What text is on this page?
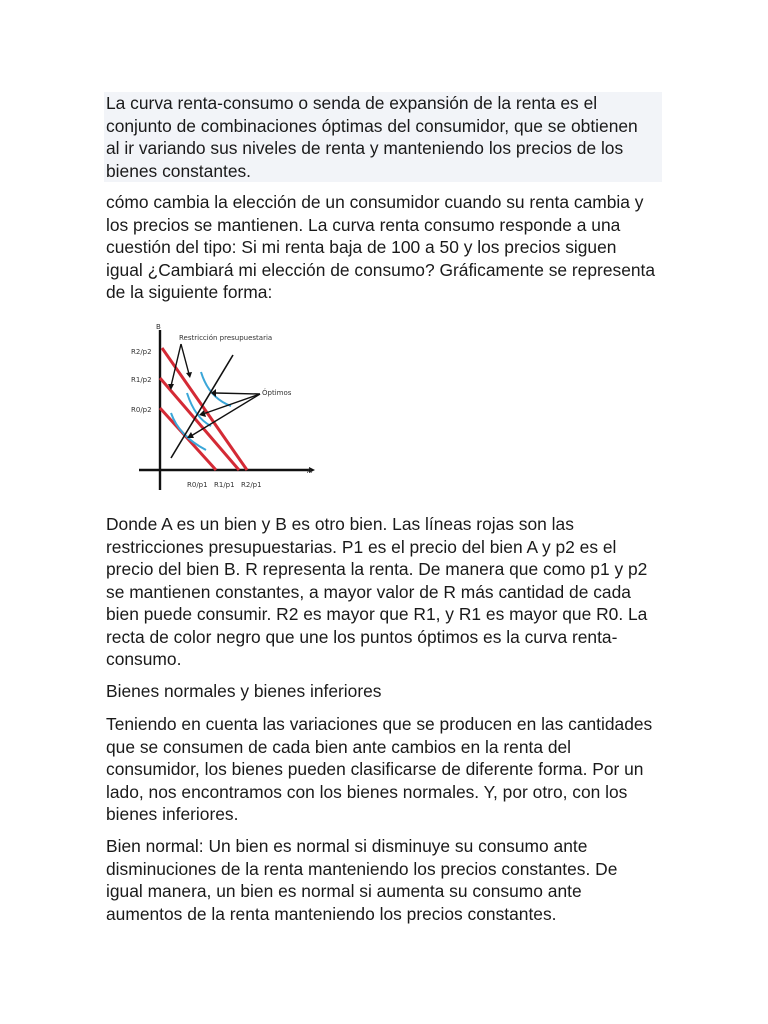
La curva renta-consumo o senda de expansión de la renta es el
conjunto de combinaciones óptimas del consumidor, que se obtienen
al ir variando sus niveles de renta y manteniendo los precios de los
bienes constantes.

cómo cambia la elección de un consumidor cuando su renta cambia y
los precios se mantienen. La curva renta consumo responde a una
cuestión del tipo: Si mi renta baja de 100 a 50 y los precios siguen
igual ¿Cambiará mi elección de consumo? Gráficamente se representa
de la siguiente forma:

B
A
R2/p2
R1/p2
R0/p2
R0/p1 R1/p1 R2/p1
Restricción presupuestaria
Óptimos

Donde A es un bien y B es otro bien. Las líneas rojas son las
restricciones presupuestarias. P1 es el precio del bien A y p2 es el
precio del bien B. R representa la renta. De manera que como p1 y p2
se mantienen constantes, a mayor valor de R más cantidad de cada
bien puede consumir. R2 es mayor que R1, y R1 es mayor que R0. La
recta de color negro que une los puntos óptimos es la curva renta-
consumo.

Bienes normales y bienes inferiores

Teniendo en cuenta las variaciones que se producen en las cantidades
que se consumen de cada bien ante cambios en la renta del
consumidor, los bienes pueden clasificarse de diferente forma. Por un
lado, nos encontramos con los bienes normales. Y, por otro, con los
bienes inferiores.

Bien normal: Un bien es normal si disminuye su consumo ante
disminuciones de la renta manteniendo los precios constantes. De
igual manera, un bien es normal si aumenta su consumo ante
aumentos de la renta manteniendo los precios constantes.
